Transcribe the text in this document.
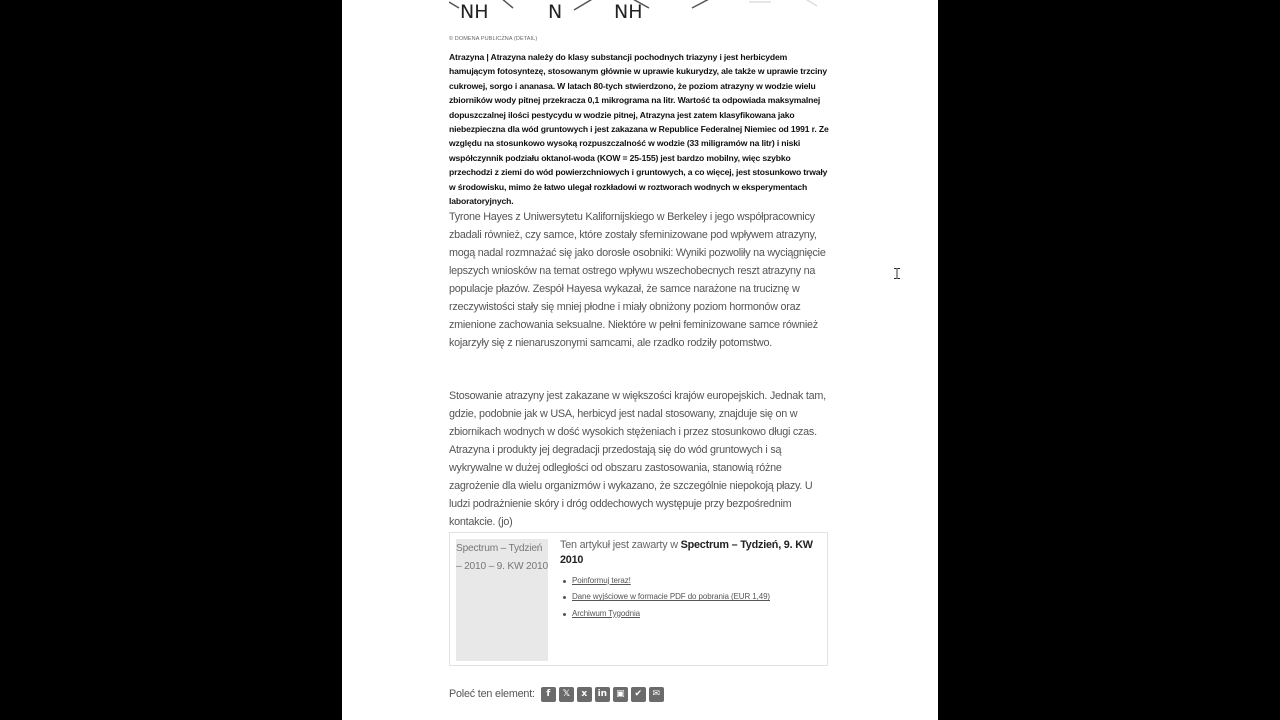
NH	N	NH
© DOMENA PUBLICZNA (DETAIL)
Atrazyna | Atrazyna należy do klasy substancji pochodnych triazyny i jest herbicydem hamującym fotosyntezę, stosowanym głównie w uprawie kukurydzy, ale także w uprawie trzciny cukrowej, sorgo i ananasa. W latach 80-tych stwierdzono, że poziom atrazyny w wodzie wielu zbiorników wody pitnej przekracza 0,1 mikrograma na litr. Wartość ta odpowiada maksymalnej dopuszczalnej ilości pestycydu w wodzie pitnej, Atrazyna jest zatem klasyfikowana jako niebezpieczna dla wód gruntowych i jest zakazana w Republice Federalnej Niemiec od 1991 r. Ze względu na stosunkowo wysoką rozpuszczalność w wodzie (33 miligramów na litr) i niski współczynnik podziału oktanol-woda (KOW = 25-155) jest bardzo mobilny, więc szybko przechodzi z ziemi do wód powierzchniowych i gruntowych, a co więcej, jest stosunkowo trwały w środowisku, mimo że łatwo ulegał rozkładowi w roztworach wodnych w eksperymentach laboratoryjnych.
Tyrone Hayes z Uniwersytetu Kalifornijskiego w Berkeley i jego współpracownicy zbadali również, czy samce, które zostały sfeminizowane pod wpływem atrazyny, mogą nadal rozmnażać się jako dorosłe osobniki: Wyniki pozwoliły na wyciągnięcie lepszych wniosków na temat ostrego wpływu wszechobecnych reszt atrazyny na populacje płazów. Zespół Hayesa wykazał, że samce narażone na truciznę w rzeczywistości stały się mniej płodne i miały obniżony poziom hormonów oraz zmienione zachowania seksualne. Niektóre w pełni feminizowane samce również kojarzyły się z nienaruszonymi samcami, ale rzadko rodziły potomstwo.
Stosowanie atrazyny jest zakazane w większości krajów europejskich. Jednak tam, gdzie, podobnie jak w USA, herbicyd jest nadal stosowany, znajduje się on w zbiornikach wodnych w dość wysokich stężeniach i przez stosunkowo długi czas. Atrazyna i produkty jej degradacji przedostają się do wód gruntowych i są wykrywalne w dużej odległości od obszaru zastosowania, stanowią różne zagrożenie dla wielu organizmów i wykazano, że szczególnie niepokoją płazy. U ludzi podrażnienie skóry i dróg oddechowych występuje przy bezpośrednim kontakcie. (jo)
Spectrum – Tydzień – 2010 – 9. KW 2010
Ten artykuł jest zawarty w Spectrum – Tydzień, 9. KW 2010
Poinformuj teraz!
Dane wyjściowe w formacie PDF do pobrania (EUR 1,49)
Archiwum Tygodnia
Poleć ten element:	f	𝕏	x	in ▣	✔	✉
